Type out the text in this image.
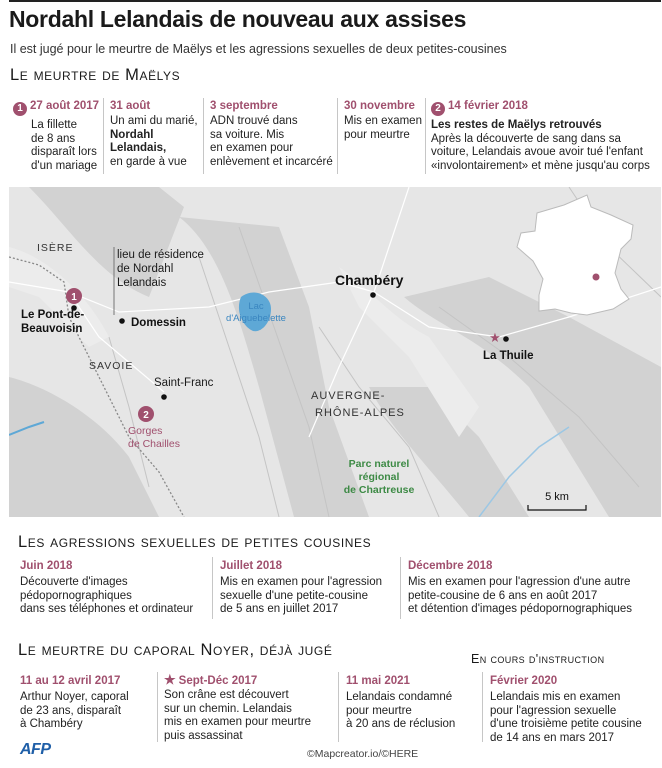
Nordahl Lelandais de nouveau aux assises
Il est jugé pour le meurtre de Maëlys et les agressions sexuelles de deux petites-cousines
Le meurtre de Maëlys
1 27 août 2017
La fillette
de 8 ans
disparaît lors
d'un mariage
31 août
Un ami du marié,
Nordahl
Lelandais,
en garde à vue
3 septembre
ADN trouvé dans
sa voiture. Mis
en examen pour
enlèvement et incarcéré
30 novembre
Mis en examen
pour meurtre
2 14 février 2018
Les restes de Maëlys retrouvés
Après la découverte de sang dans sa
voiture, Lelandais avoue avoir tué l'enfant
«involontairement» et mène jusqu'au corps
ISÈRE
SAVOIE
AUVERGNE-
RHÔNE-ALPES
lieu de résidence
de Nordahl
Lelandais
1
Le Pont-de-
Beauvoisin	Domessin
Lac
d'Aiguebelette
Chambéry
★
La Thuile
Saint-Franc
2
Gorges
de Chailles
Parc naturel
régional
de Chartreuse
5 km
Les agressions sexuelles de petites cousines
Juin 2018
Découverte d'images
pédopornographiques
dans ses téléphones et ordinateur
Juillet 2018
Mis en examen pour l'agression
sexuelle d'une petite-cousine
de 5 ans en juillet 2017
Décembre 2018
Mis en examen pour l'agression d'une autre
petite-cousine de 6 ans en août 2017
et détention d'images pédopornographiques
Le meurtre du caporal Noyer, déjà jugé	En cours d'instruction
11 au 12 avril 2017
Arthur Noyer, caporal
de 23 ans, disparaît
à Chambéry
★ Sept-Déc 2017
Son crâne est découvert
sur un chemin. Lelandais
mis en examen pour meurtre
puis assassinat
11 mai 2021
Lelandais condamné
pour meurtre
à 20 ans de réclusion
Février 2020
Lelandais mis en examen
pour l'agression sexuelle
d'une troisième petite cousine
de 14 ans en mars 2017
AFP	©Mapcreator.io/©HERE
